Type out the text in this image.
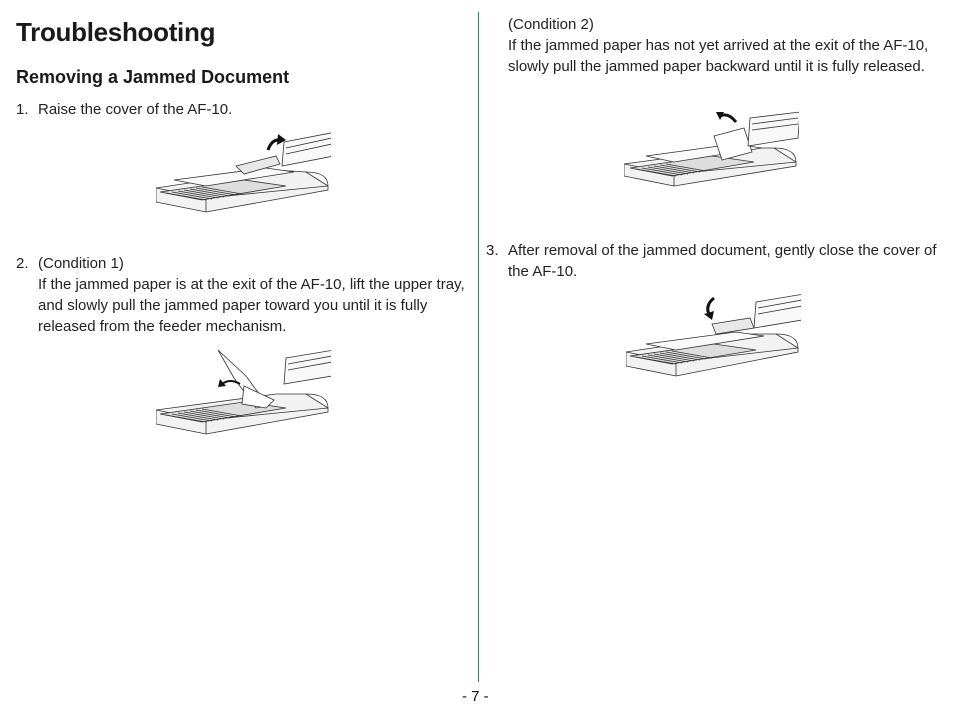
Troubleshooting
Removing a Jammed Document
1. Raise the cover of the AF-10.
2. (Condition 1)

If the jammed paper is at the exit of the AF-10, lift the upper tray, and slowly pull the jammed paper toward you until it is fully released from the feeder mechanism.

(Condition 2)

If the jammed paper has not yet arrived at the exit of the AF-10, slowly pull the jammed paper backward until it is fully released.

3. After removal of the jammed document, gently close the cover of the AF-10.
- 7 -
